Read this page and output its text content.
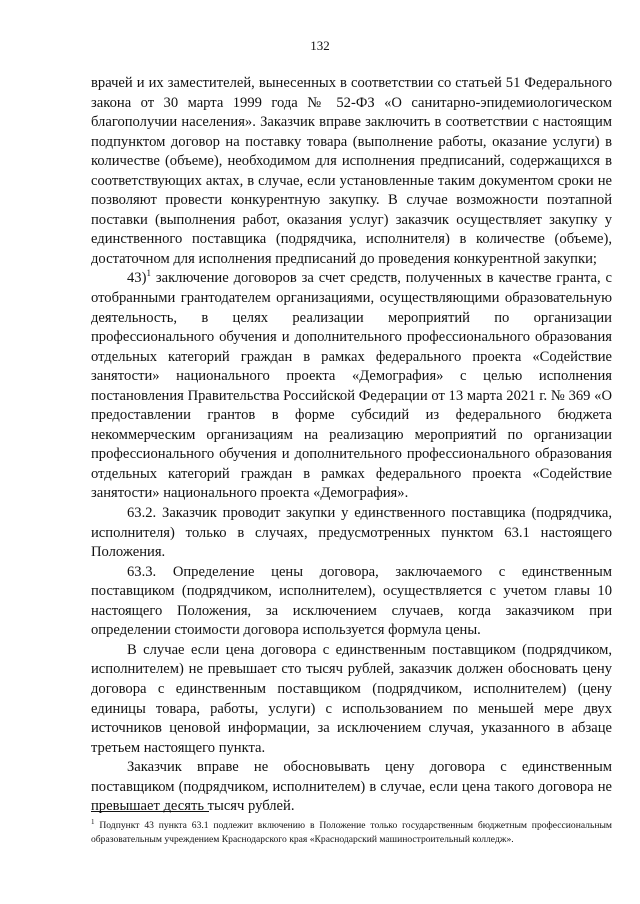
132

врачей и их заместителей, вынесенных в соответствии со статьей 51 Федерального закона от 30 марта 1999 года № 52-ФЗ «О санитарно-эпидемиологическом благополучии населения». Заказчик вправе заключить в соответствии с настоящим подпунктом договор на поставку товара (выполнение работы, оказание услуги) в количестве (объеме), необходимом для исполнения предписаний, содержащихся в соответствующих актах, в случае, если установленные таким документом сроки не позволяют провести конкурентную закупку. В случае возможности поэтапной поставки (выполнения работ, оказания услуг) заказчик осуществляет закупку у единственного поставщика (подрядчика, исполнителя) в количестве (объеме), достаточном для исполнения предписаний до проведения конкурентной закупки;

43)$^1$ заключение договоров за счет средств, полученных в качестве гранта, с отобранными грантодателем организациями, осуществляющими образовательную деятельность, в целях реализации мероприятий по организации профессионального обучения и дополнительного профессионального образования отдельных категорий граждан в рамках федерального проекта «Содействие занятости» национального проекта «Демография» с целью исполнения постановления Правительства Российской Федерации от 13 марта 2021 г. № 369 «О предоставлении грантов в форме субсидий из федерального бюджета некоммерческим организациям на реализацию мероприятий по организации профессионального обучения и дополнительного профессионального образования отдельных категорий граждан в рамках федерального проекта «Содействие занятости» национального проекта «Демография».

63.2. Заказчик проводит закупки у единственного поставщика (подрядчика, исполнителя) только в случаях, предусмотренных пунктом 63.1 настоящего Положения.

63.3. Определение цены договора, заключаемого с единственным поставщиком (подрядчиком, исполнителем), осуществляется с учетом главы 10 настоящего Положения, за исключением случаев, когда заказчиком при определении стоимости договора используется формула цены.

В случае если цена договора с единственным поставщиком (подрядчиком, исполнителем) не превышает сто тысяч рублей, заказчик должен обосновать цену договора с единственным поставщиком (подрядчиком, исполнителем) (цену единицы товара, работы, услуги) с использованием по меньшей мере двух источников ценовой информации, за исключением случая, указанного в абзаце третьем настоящего пункта.

Заказчик вправе не обосновывать цену договора с единственным поставщиком (подрядчиком, исполнителем) в случае, если цена такого договора не превышает десять тысяч рублей.

$^1$ Подпункт 43 пункта 63.1 подлежит включению в Положение только государственным бюджетным профессиональным образовательным учреждением Краснодарского края «Краснодарский машиностроительный колледж».
